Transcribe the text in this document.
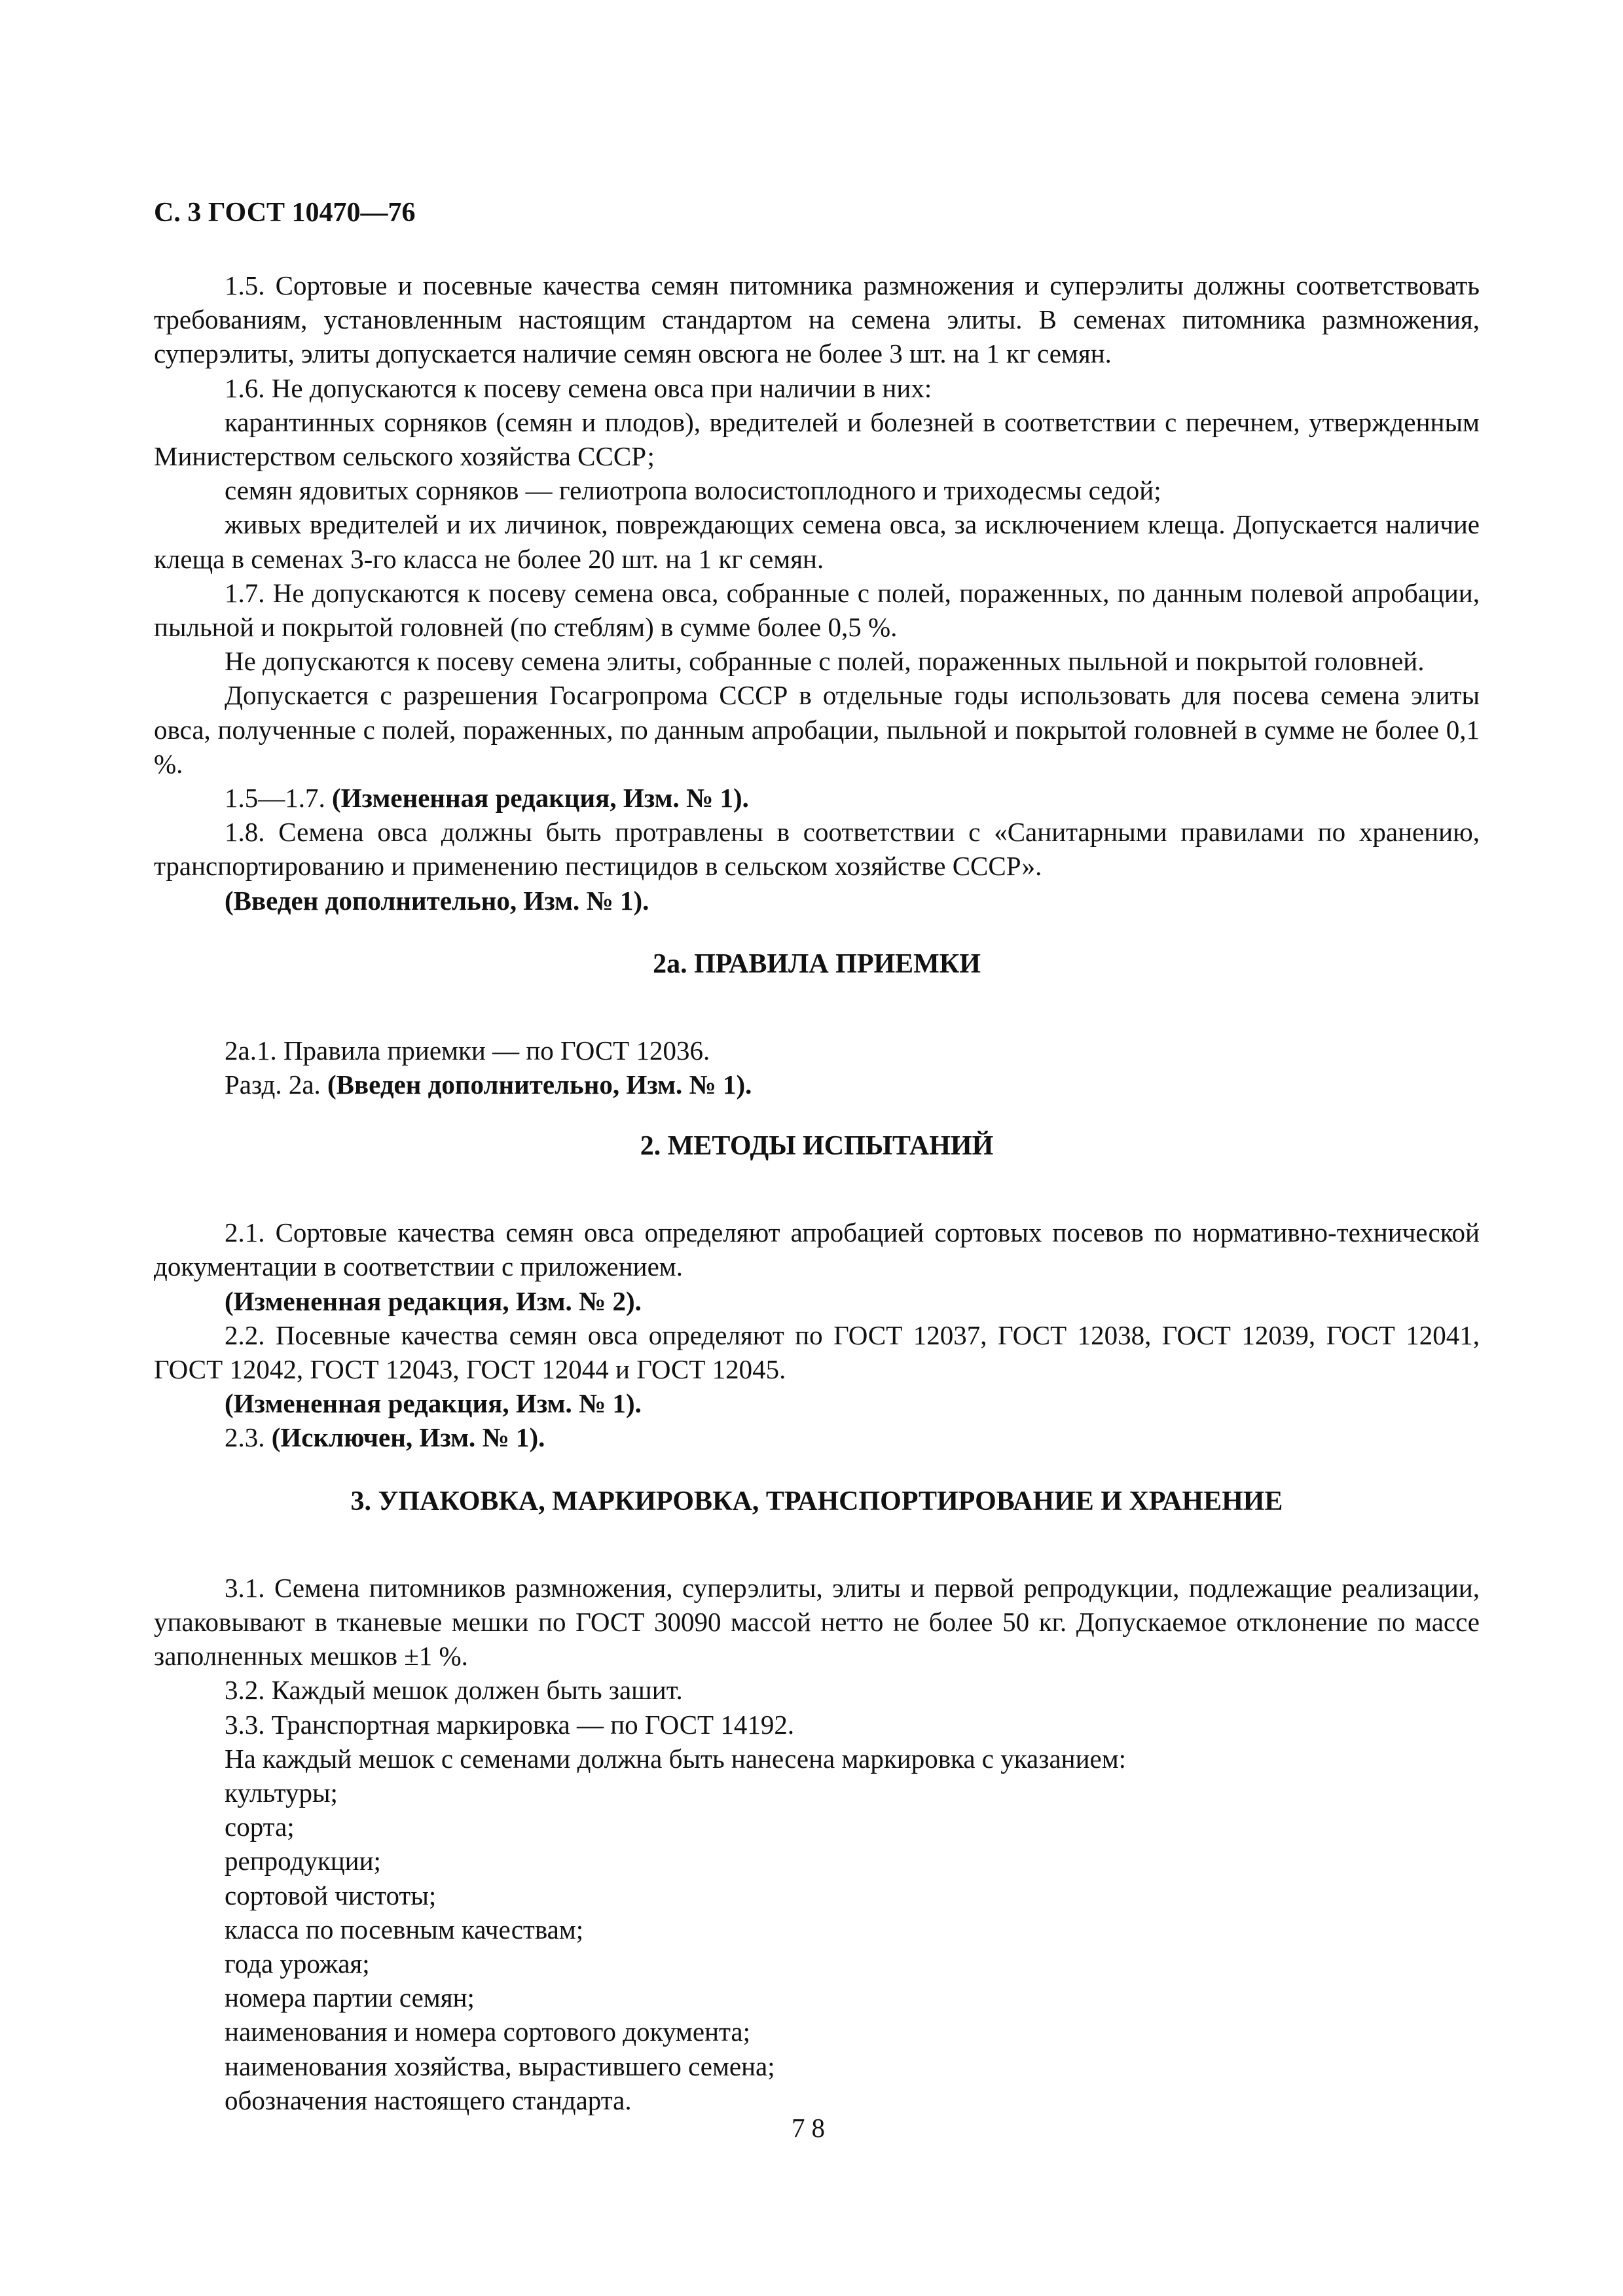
С. 3 ГОСТ 10470—76

1.5. Сортовые и посевные качества семян питомника размножения и суперэлиты должны соответствовать требованиям, установленным настоящим стандартом на семена элиты. В семенах питомника размножения, суперэлиты, элиты допускается наличие семян овсюга не более 3 шт. на 1 кг семян.

1.6. Не допускаются к посеву семена овса при наличии в них:

карантинных сорняков (семян и плодов), вредителей и болезней в соответствии с перечнем, утвержденным Министерством сельского хозяйства СССР;

семян ядовитых сорняков — гелиотропа волосистоплодного и триходесмы седой;

живых вредителей и их личинок, повреждающих семена овса, за исключением клеща. Допускается наличие клеща в семенах 3-го класса не более 20 шт. на 1 кг семян.

1.7. Не допускаются к посеву семена овса, собранные с полей, пораженных, по данным полевой апробации, пыльной и покрытой головней (по стеблям) в сумме более 0,5 %.

Не допускаются к посеву семена элиты, собранные с полей, пораженных пыльной и покрытой головней.

Допускается с разрешения Госагропрома СССР в отдельные годы использовать для посева семена элиты овса, полученные с полей, пораженных, по данным апробации, пыльной и покрытой головней в сумме не более 0,1 %.

1.5—1.7. (Измененная редакция, Изм. № 1).

1.8. Семена овса должны быть протравлены в соответствии с «Санитарными правилами по хранению, транспортированию и применению пестицидов в сельском хозяйстве СССР».

(Введен дополнительно, Изм. № 1).

2а. ПРАВИЛА ПРИЕМКИ

2а.1. Правила приемки — по ГОСТ 12036.

Разд. 2а. (Введен дополнительно, Изм. № 1).

2. МЕТОДЫ ИСПЫТАНИЙ

2.1. Сортовые качества семян овса определяют апробацией сортовых посевов по нормативно-технической документации в соответствии с приложением.

(Измененная редакция, Изм. № 2).

2.2. Посевные качества семян овса определяют по ГОСТ 12037, ГОСТ 12038, ГОСТ 12039, ГОСТ 12041, ГОСТ 12042, ГОСТ 12043, ГОСТ 12044 и ГОСТ 12045.

(Измененная редакция, Изм. № 1).

2.3. (Исключен, Изм. № 1).

3. УПАКОВКА, МАРКИРОВКА, ТРАНСПОРТИРОВАНИЕ И ХРАНЕНИЕ

3.1. Семена питомников размножения, суперэлиты, элиты и первой репродукции, подлежащие реализации, упаковывают в тканевые мешки по ГОСТ 30090 массой нетто не более 50 кг. Допускаемое отклонение по массе заполненных мешков ±1 %.

3.2. Каждый мешок должен быть зашит.

3.3. Транспортная маркировка — по ГОСТ 14192.

На каждый мешок с семенами должна быть нанесена маркировка с указанием:

культуры;

сорта;

репродукции;

сортовой чистоты;

класса по посевным качествам;

года урожая;

номера партии семян;

наименования и номера сортового документа;

наименования хозяйства, вырастившего семена;

обозначения настоящего стандарта.

78
